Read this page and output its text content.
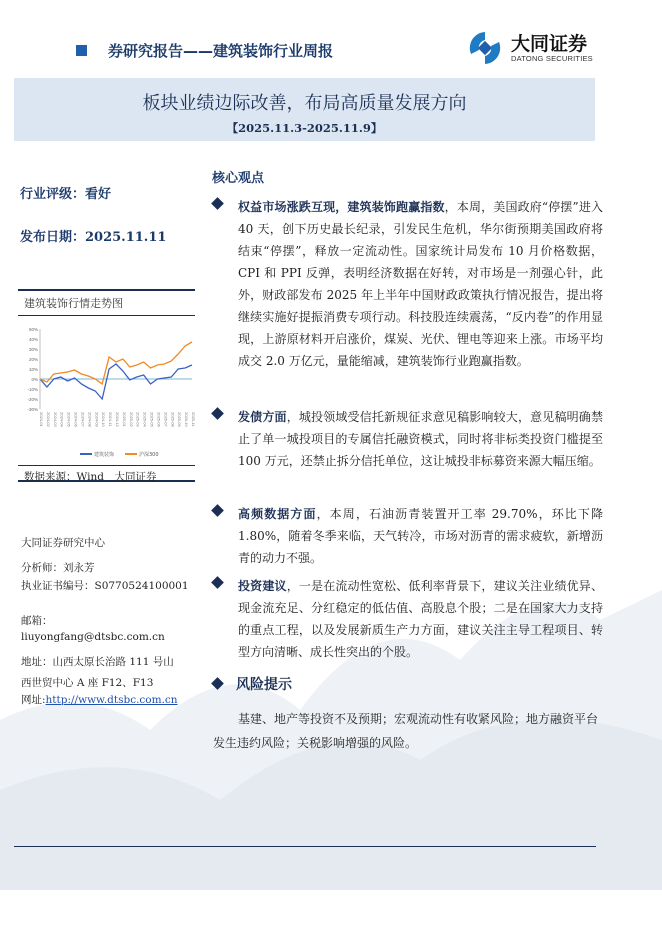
券研究报告——建筑装饰行业周报	大同证券
DATONG SECURITIES
板块业绩边际改善，布局高质量发展方向
【2025.11.3-2025.11.9】
行业评级：看好
发布日期：2025.11.11
建筑装饰行情走势图
50%
40%
30%
20%
10%
0%
-10%
-20%
-30%
2024-01 2024-02 2024-03 2024-04 2024-05 2024-06 2024-07 2024-08 2024-09 2024-10 2024-11 2024-12 2025-01 2025-02 2025-03 2025-04 2025-05 2025-06 2025-07 2025-08 2025-09 2025-10 2025-11
建筑装饰	沪深300
数据来源：Wind　大同证券
大同证券研究中心
分析师：刘永芳
执业证书编号：S0770524100001
邮箱：
liuyongfang@dtsbc.com.cn
地址：山西太原长治路 111 号山
西世贸中心 A 座 F12、F13
网址:http://www.dtsbc.com.cn
核心观点

权益市场涨跌互现，建筑装饰跑赢指数，本周，美国政府“停摆”进入 40 天，创下历史最长纪录，引发民生危机，华尔街预期美国政府将结束“停摆”，释放一定流动性。国家统计局发布 10 月价格数据，CPI 和 PPI 反弹，表明经济数据在好转，对市场是一剂强心针，此外，财政部发布 2025 年上半年中国财政政策执行情况报告，提出将继续实施好提振消费专项行动。科技股连续震荡，“反内卷”的作用显现，上游原材料开启涨价，煤炭、光伏、锂电等迎来上涨。市场平均成交 2.0 万亿元，量能缩减，建筑装饰行业跑赢指数。

发债方面，城投领域受信托新规征求意见稿影响较大，意见稿明确禁止了单一城投项目的专属信托融资模式，同时将非标类投资门槛提至 100 万元，还禁止拆分信托单位，这让城投非标募资来源大幅压缩。

高频数据方面，本周，石油沥青装置开工率 29.70%，环比下降 1.80%，随着冬季来临，天气转冷，市场对沥青的需求疲软，新增沥青的动力不强。

投资建议，一是在流动性宽松、低利率背景下，建议关注业绩优异、现金流充足、分红稳定的低估值、高股息个股；二是在国家大力支持的重点工程，以及发展新质生产力方面，建议关注主导工程项目、转型方向清晰、成长性突出的个股。

风险提示
基建、地产等投资不及预期；宏观流动性有收紧风险；地方融资平台发生违约风险；关税影响增强的风险。
